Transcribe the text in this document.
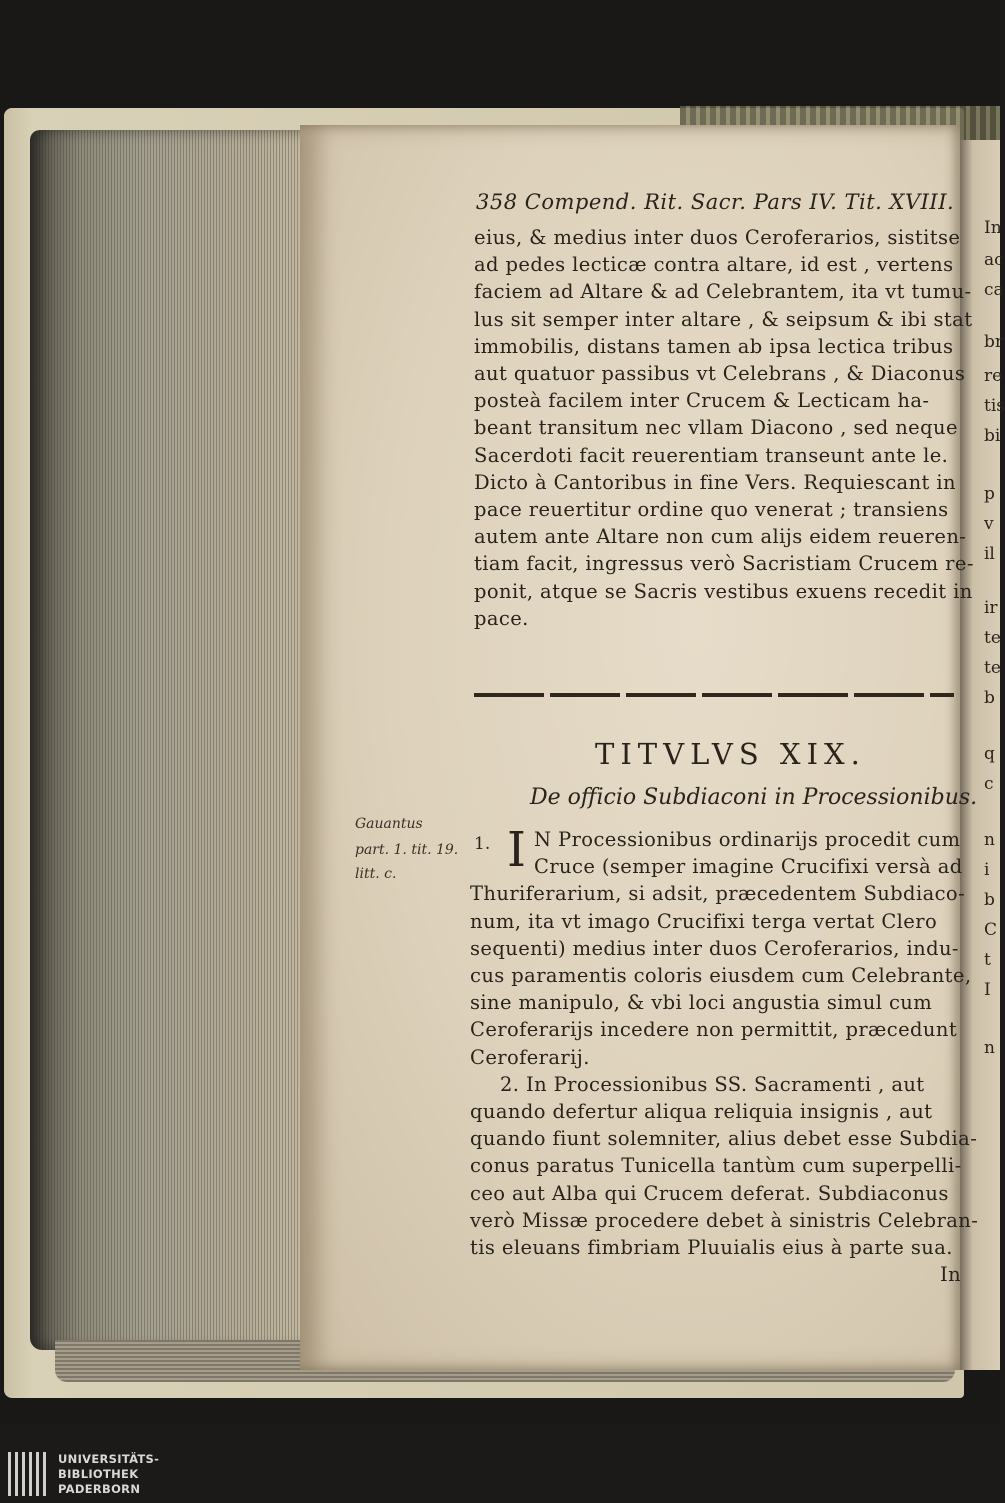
358 Compend. Rit. Sacr. Pars IV. Tit. XVIII.
eius, & medius inter duos Ceroferarios, sistitse
ad pedes lecticæ contra altare, id est , vertens
faciem ad Altare & ad Celebrantem, ita vt tumu-
lus sit semper inter altare , & seipsum & ibi stat
immobilis, distans tamen ab ipsa lectica tribus
aut quatuor passibus vt Celebrans , & Diaconus
posteà facilem inter Crucem & Lecticam ha-
beant transitum nec vllam Diacono , sed neque
Sacerdoti facit reuerentiam transeunt ante le.
Dicto à Cantoribus in fine Vers. Requiescant in
pace reuertitur ordine quo venerat ; transiens
autem ante Altare non cum alijs eidem reueren-
tiam facit, ingressus verò Sacristiam Crucem re-
ponit, atque se Sacris vestibus exuens recedit in
pace.
TITVLVS XIX.
De officio Subdiaconi in Processionibus.
Gauantus
part. 1. tit. 19.
litt. c.
1. I N Processionibus ordinarijs procedit cum
Cruce (semper imagine Crucifixi versà ad
Thuriferarium, si adsit, præcedentem Subdiaco-
num, ita vt imago Crucifixi terga vertat Clero
sequenti) medius inter duos Ceroferarios, indu-
cus paramentis coloris eiusdem cum Celebrante,
sine manipulo, & vbi loci angustia simul cum
Ceroferarijs incedere non permittit, præcedunt
Ceroferarij.
2. In Processionibus SS. Sacramenti , aut
quando defertur aliqua reliquia insignis , aut
quando fiunt solemniter, alius debet esse Subdia-
conus paratus Tunicella tantùm cum superpelli-
ceo aut Alba qui Crucem deferat. Subdiaconus
verò Missæ procedere debet à sinistris Celebran-
tis eleuans fimbriam Pluuialis eius à parte sua.
In
In
ac
ca
br
re
tis
bi
p
v
il
ir
te
te
b
q
c
n
i
b
C
t
I
n
UNIVERSITÄTS-
BIBLIOTHEK
PADERBORN
